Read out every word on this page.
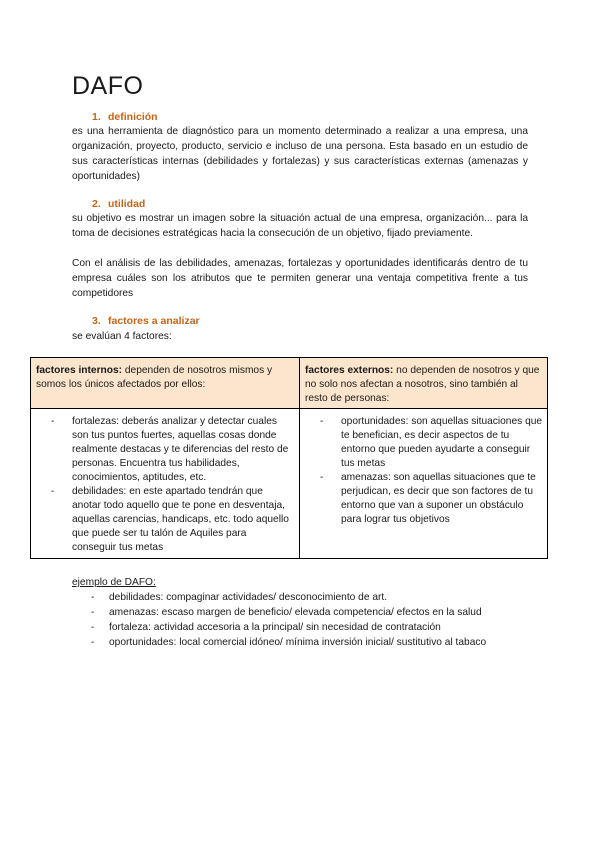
DAFO
1. definición

es una herramienta de diagnóstico para un momento determinado a realizar a una empresa, una organización, proyecto, producto, servicio e incluso de una persona. Esta basado en un estudio de sus características internas (debilidades y fortalezas) y sus características externas (amenazas y oportunidades)

2. utilidad

su objetivo es mostrar un imagen sobre la situación actual de una empresa, organización... para la toma de decisiones estratégicas hacia la consecución de un objetivo, fijado previamente.

Con el análisis de las debilidades, amenazas, fortalezas y oportunidades identificarás dentro de tu empresa cuáles son los atributos que te permiten generar una ventaja competitiva frente a tus competidores

3. factores a analizar

se evalúan 4 factores:

factores internos: dependen de nosotros mismos y somos los únicos afectados por ellos:
factores externos: no dependen de nosotros y que no solo nos afectan a nosotros, sino también al resto de personas:
- fortalezas: deberás analizar y detectar cuales son tus puntos fuertes, aquellas cosas donde realmente destacas y te diferencias del resto de personas. Encuentra tus habilidades, conocimientos, aptitudes, etc.
- debilidades: en este apartado tendrán que anotar todo aquello que te pone en desventaja, aquellas carencias, handicaps, etc. todo aquello que puede ser tu talón de Aquiles para conseguir tus metas
- oportunidades: son aquellas situaciones que te benefician, es decir aspectos de tu entorno que pueden ayudarte a conseguir tus metas
- amenazas: son aquellas situaciones que te perjudican, es decir que son factores de tu entorno que van a suponer un obstáculo para lograr tus objetivos

ejemplo de DAFO:

- debilidades: compaginar actividades/ desconocimiento de art.
- amenazas: escaso margen de beneficio/ elevada competencia/ efectos en la salud
- fortaleza: actividad accesoria a la principal/ sin necesidad de contratación
- oportunidades: local comercial idóneo/ mínima inversión inicial/ sustitutivo al tabaco
